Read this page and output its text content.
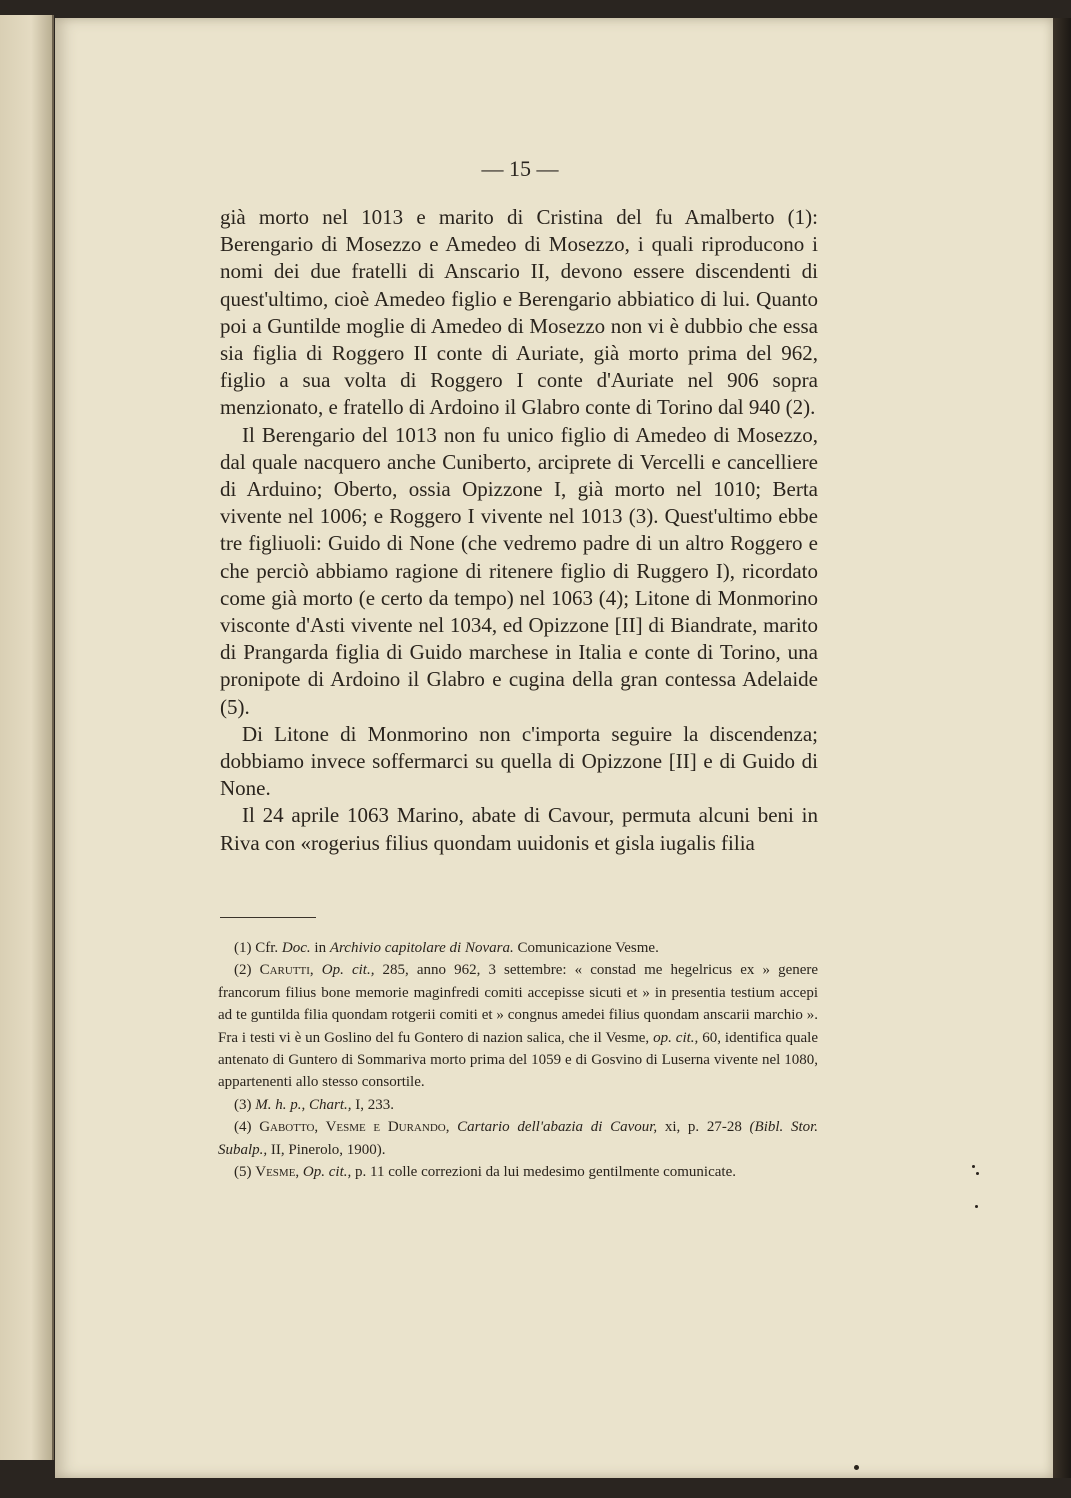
— 15 —

già morto nel 1013 e marito di Cristina del fu Amalberto (1): Berengario di Mosezzo e Amedeo di Mosezzo, i quali riproducono i nomi dei due fratelli di Anscario II, devono essere discendenti di quest'ultimo, cioè Amedeo figlio e Berengario abbiatico di lui. Quanto poi a Guntilde moglie di Amedeo di Mosezzo non vi è dubbio che essa sia figlia di Roggero II conte di Auriate, già morto prima del 962, figlio a sua volta di Roggero I conte d'Auriate nel 906 sopra menzionato, e fratello di Ardoino il Glabro conte di Torino dal 940 (2).

Il Berengario del 1013 non fu unico figlio di Amedeo di Mosezzo, dal quale nacquero anche Cuniberto, arciprete di Vercelli e cancelliere di Arduino; Oberto, ossia Opizzone I, già morto nel 1010; Berta vivente nel 1006; e Roggero I vivente nel 1013 (3). Quest'ultimo ebbe tre figliuoli: Guido di None (che vedremo padre di un altro Roggero e che perciò abbiamo ragione di ritenere figlio di Ruggero I), ricordato come già morto (e certo da tempo) nel 1063 (4); Litone di Monmorino visconte d'Asti vivente nel 1034, ed Opizzone [II] di Biandrate, marito di Prangarda figlia di Guido marchese in Italia e conte di Torino, una pronipote di Ardoino il Glabro e cugina della gran contessa Adelaide (5).

Di Litone di Monmorino non c'importa seguire la discendenza; dobbiamo invece soffermarci su quella di Opizzone [II] e di Guido di None.

Il 24 aprile 1063 Marino, abate di Cavour, permuta alcuni beni in Riva con «rogerius filius quondam uuidonis et gisla iugalis filia

(1) Cfr. Doc. in Archivio capitolare di Novara. Comunicazione Vesme.

(2) Carutti, Op. cit., 285, anno 962, 3 settembre: « constad me hegelricus ex » genere francorum filius bone memorie maginfredi comiti accepisse sicuti et » in presentia testium accepi ad te guntilda filia quondam rotgerii comiti et » congnus amedei filius quondam anscarii marchio ». Fra i testi vi è un Goslino del fu Gontero di nazion salica, che il Vesme, op. cit., 60, identifica quale antenato di Guntero di Sommariva morto prima del 1059 e di Gosvino di Luserna vivente nel 1080, appartenenti allo stesso consortile.

(3) M. h. p., Chart., I, 233.

(4) Gabotto, Vesme e Durando, Cartario dell'abazia di Cavour, xi, p. 27-28 (Bibl. Stor. Subalp., II, Pinerolo, 1900).

(5) Vesme, Op. cit., p. 11 colle correzioni da lui medesimo gentilmente comunicate.
